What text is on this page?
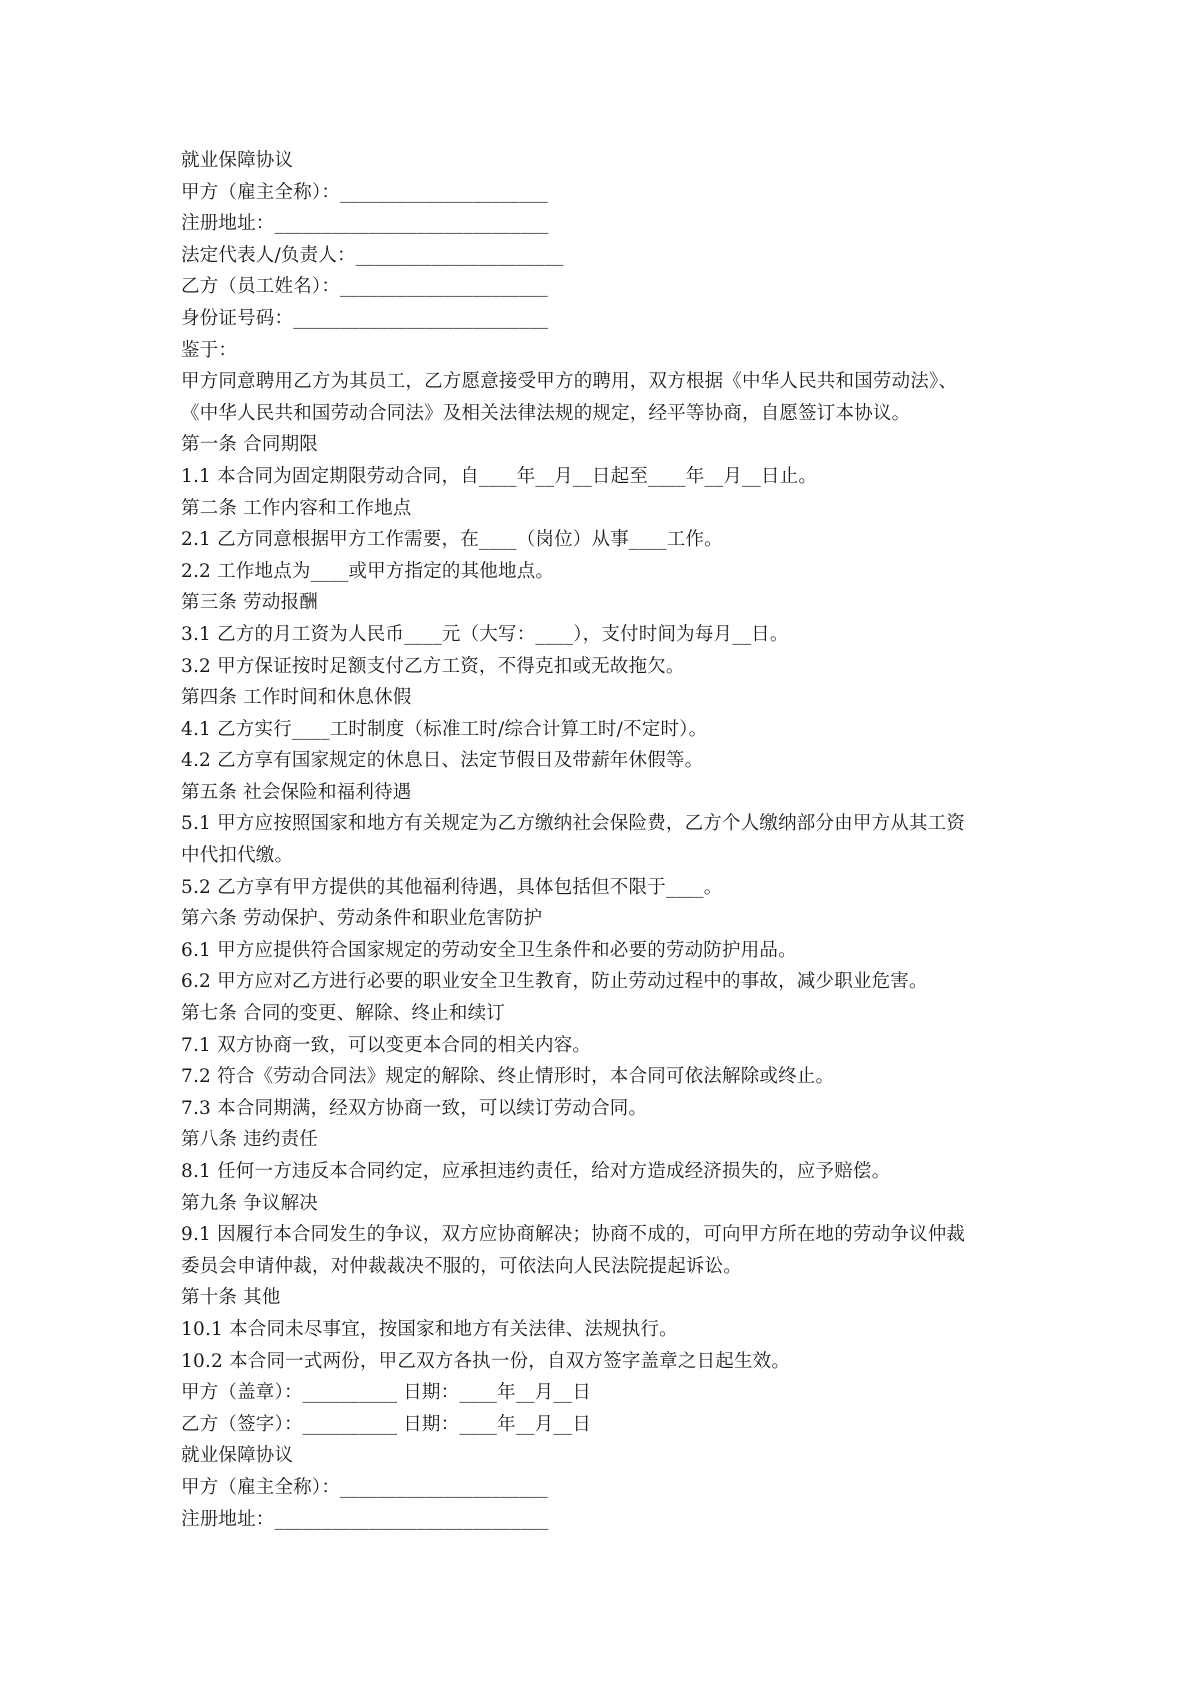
就业保障协议
甲方（雇主全称）：______________________
注册地址：_____________________________
法定代表人/负责人：______________________
乙方（员工姓名）：______________________
身份证号码：___________________________
鉴于：
甲方同意聘用乙方为其员工，乙方愿意接受甲方的聘用，双方根据《中华人民共和国劳动法》、
《中华人民共和国劳动合同法》及相关法律法规的规定，经平等协商，自愿签订本协议。
第一条 合同期限
1.1 本合同为固定期限劳动合同，自____年__月__日起至____年__月__日止。
第二条 工作内容和工作地点
2.1 乙方同意根据甲方工作需要，在____（岗位）从事____工作。
2.2 工作地点为____或甲方指定的其他地点。
第三条 劳动报酬
3.1 乙方的月工资为人民币____元（大写：____），支付时间为每月__日。
3.2 甲方保证按时足额支付乙方工资，不得克扣或无故拖欠。
第四条 工作时间和休息休假
4.1 乙方实行____工时制度（标准工时/综合计算工时/不定时）。
4.2 乙方享有国家规定的休息日、法定节假日及带薪年休假等。
第五条 社会保险和福利待遇
5.1 甲方应按照国家和地方有关规定为乙方缴纳社会保险费，乙方个人缴纳部分由甲方从其工资
中代扣代缴。
5.2 乙方享有甲方提供的其他福利待遇，具体包括但不限于____。
第六条 劳动保护、劳动条件和职业危害防护
6.1 甲方应提供符合国家规定的劳动安全卫生条件和必要的劳动防护用品。
6.2 甲方应对乙方进行必要的职业安全卫生教育，防止劳动过程中的事故，减少职业危害。
第七条 合同的变更、解除、终止和续订
7.1 双方协商一致，可以变更本合同的相关内容。
7.2 符合《劳动合同法》规定的解除、终止情形时，本合同可依法解除或终止。
7.3 本合同期满，经双方协商一致，可以续订劳动合同。
第八条 违约责任
8.1 任何一方违反本合同约定，应承担违约责任，给对方造成经济损失的，应予赔偿。
第九条 争议解决
9.1 因履行本合同发生的争议，双方应协商解决；协商不成的，可向甲方所在地的劳动争议仲裁
委员会申请仲裁，对仲裁裁决不服的，可依法向人民法院提起诉讼。
第十条 其他
10.1 本合同未尽事宜，按国家和地方有关法律、法规执行。
10.2 本合同一式两份，甲乙双方各执一份，自双方签字盖章之日起生效。
甲方（盖章）：__________ 日期：____年__月__日
乙方（签字）：__________ 日期：____年__月__日
就业保障协议
甲方（雇主全称）：______________________
注册地址：_____________________________
